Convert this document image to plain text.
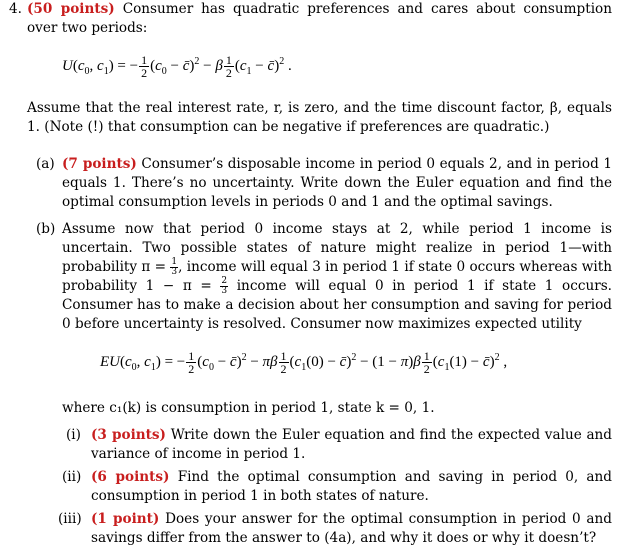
4. (50 points) Consumer has quadratic preferences and cares about consumption over two periods:
$U(c_0$, $c_1$) = − $\frac{1}{2} (c_0$ − c̄)$^2$ − β $\frac{1}{2} (c_1$ − c̄)$^2$ .
Assume that the real interest rate, r, is zero, and the time discount factor, β, equals 1. (Note (!) that consumption can be negative if preferences are quadratic.)
(a) (7 points) Consumer’s disposable income in period 0 equals 2, and in period 1 equals 1. There’s no uncertainty. Write down the Euler equation and find the optimal consumption levels in periods 0 and 1 and the optimal savings.
(b) Assume now that period 0 income stays at 2, while period 1 income is uncertain. Two possible states of nature might realize in period 1—with probability π = 1
3 , income will equal 3 in period 1 if state 0 occurs whereas with probability 1 − π = 2
3 income will equal 0 in period 1 if state 1 occurs. Consumer has to make a decision about her consumption and saving for period 0 before uncertainty is resolved. Consumer now maximizes expected utility
$EU(c_0$, $c_1$) = − $\frac{1}{2} (c_0$ − c̄)$^2$ − πβ $\frac{1}{2} (c_1(0)$ − c̄)$^2$ − $(1 - \pi)\beta \frac{1}{2} (c_1(1)$ − c̄)$^2$ ,
where c₁(k) is consumption in period 1, state k = 0, 1.
(i) (3 points) Write down the Euler equation and find the expected value and variance of income in period 1.
(ii) (6 points) Find the optimal consumption and saving in period 0, and consumption in period 1 in both states of nature.
(iii) (1 point) Does your answer for the optimal consumption in period 0 and savings differ from the answer to (4a), and why it does or why it doesn’t?
